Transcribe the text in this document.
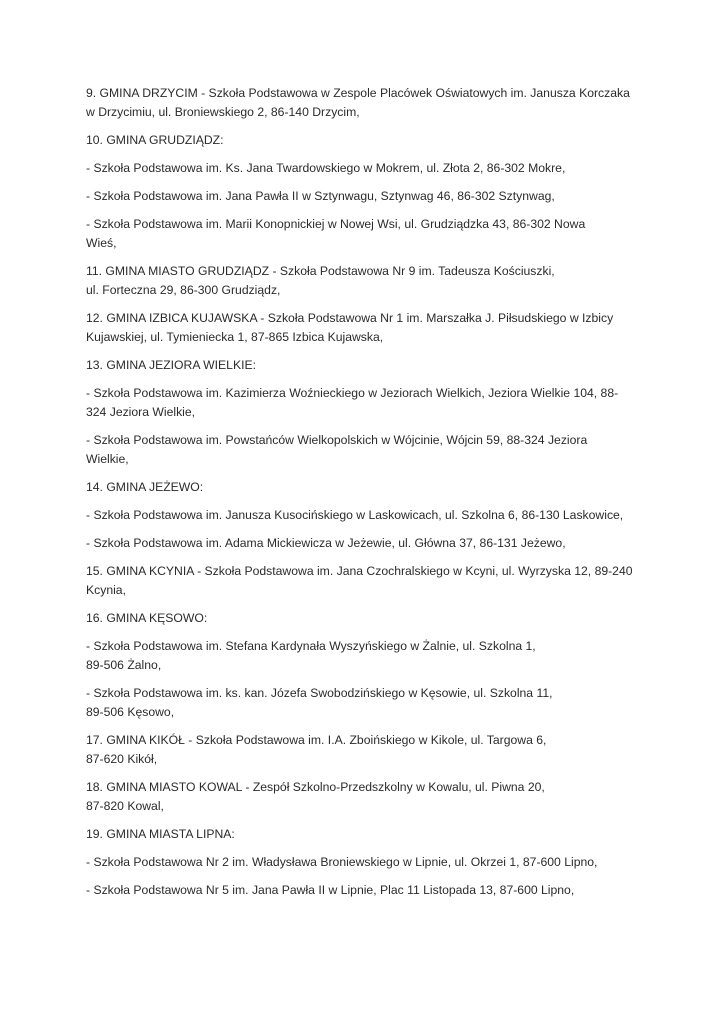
9. GMINA DRZYCIM - Szkoła Podstawowa w Zespole Placówek Oświatowych im. Janusza Korczaka
w Drzycimiu, ul. Broniewskiego 2, 86-140 Drzycim,

10. GMINA GRUDZIĄDZ:

- Szkoła Podstawowa im. Ks. Jana Twardowskiego w Mokrem, ul. Złota 2, 86-302 Mokre,

- Szkoła Podstawowa im. Jana Pawła II w Sztynwagu, Sztynwag 46, 86-302 Sztynwag,

- Szkoła Podstawowa im. Marii Konopnickiej w Nowej Wsi, ul. Grudziądzka 43, 86-302 Nowa
Wieś,

11. GMINA MIASTO GRUDZIĄDZ - Szkoła Podstawowa Nr 9 im. Tadeusza Kościuszki,
ul. Forteczna 29, 86-300 Grudziądz,

12. GMINA IZBICA KUJAWSKA - Szkoła Podstawowa Nr 1 im. Marszałka J. Piłsudskiego w Izbicy
Kujawskiej, ul. Tymieniecka 1, 87-865 Izbica Kujawska,

13. GMINA JEZIORA WIELKIE:

- Szkoła Podstawowa im. Kazimierza Woźnieckiego w Jeziorach Wielkich, Jeziora Wielkie 104, 88-
324 Jeziora Wielkie,

- Szkoła Podstawowa im. Powstańców Wielkopolskich w Wójcinie, Wójcin 59, 88-324 Jeziora
Wielkie,

14. GMINA JEŻEWO:

- Szkoła Podstawowa im. Janusza Kusocińskiego w Laskowicach, ul. Szkolna 6, 86-130 Laskowice,

- Szkoła Podstawowa im. Adama Mickiewicza w Jeżewie, ul. Główna 37, 86-131 Jeżewo,

15. GMINA KCYNIA - Szkoła Podstawowa im. Jana Czochralskiego w Kcyni, ul. Wyrzyska 12, 89-240
Kcynia,

16. GMINA KĘSOWO:

- Szkoła Podstawowa im. Stefana Kardynała Wyszyńskiego w Żalnie, ul. Szkolna 1,
89-506 Żalno,

- Szkoła Podstawowa im. ks. kan. Józefa Swobodzińskiego w Kęsowie, ul. Szkolna 11,
89-506 Kęsowo,

17. GMINA KIKÓŁ - Szkoła Podstawowa im. I.A. Zboińskiego w Kikole, ul. Targowa 6,
87-620 Kikół,

18. GMINA MIASTO KOWAL - Zespół Szkolno-Przedszkolny w Kowalu, ul. Piwna 20,
87-820 Kowal,

19. GMINA MIASTA LIPNA:

- Szkoła Podstawowa Nr 2 im. Władysława Broniewskiego w Lipnie, ul. Okrzei 1, 87-600 Lipno,

- Szkoła Podstawowa Nr 5 im. Jana Pawła II w Lipnie, Plac 11 Listopada 13, 87-600 Lipno,
